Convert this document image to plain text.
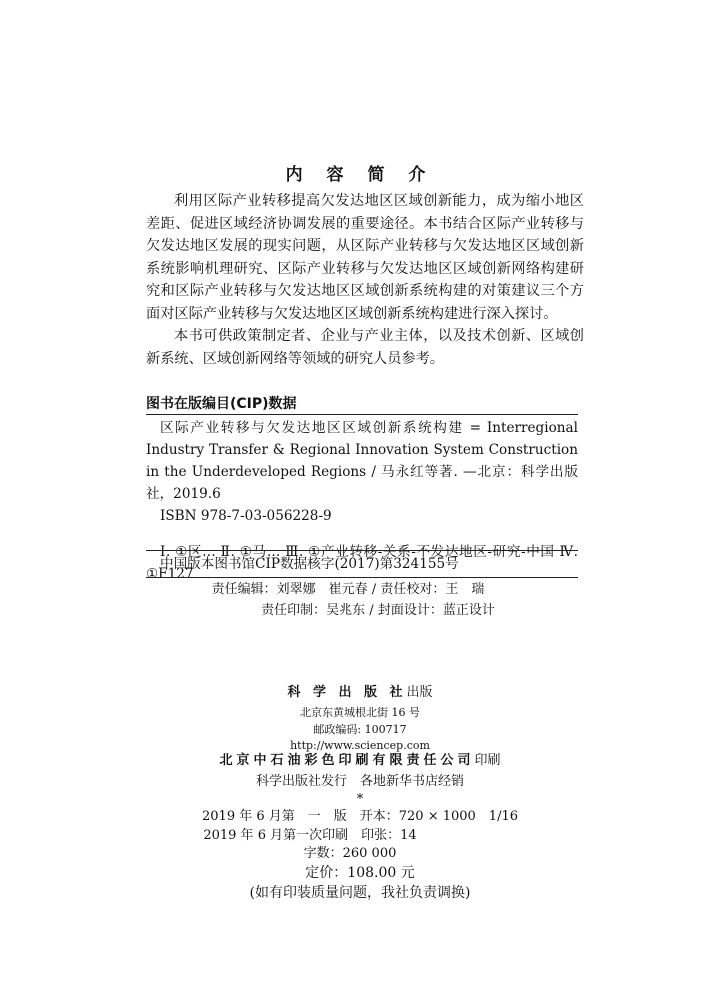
内 容 简 介

利用区际产业转移提高欠发达地区区域创新能力，成为缩小地区差距、促进区域经济协调发展的重要途径。本书结合区际产业转移与欠发达地区发展的现实问题，从区际产业转移与欠发达地区区域创新系统影响机理研究、区际产业转移与欠发达地区区域创新网络构建研究和区际产业转移与欠发达地区区域创新系统构建的对策建议三个方面对区际产业转移与欠发达地区区域创新系统构建进行深入探讨。

本书可供政策制定者、企业与产业主体，以及技术创新、区域创新系统、区域创新网络等领域的研究人员参考。

图书在版编目(CIP)数据

区际产业转移与欠发达地区区域创新系统构建 = Interregional Industry Transfer & Regional Innovation System Construction in the Underdeveloped Regions / 马永红等著. —北京：科学出版社，2019.6

ISBN 978-7-03-056228-9

Ⅰ. ①区… Ⅱ. ①马… Ⅲ. ①产业转移-关系-不发达地区-研究-中国 Ⅳ. ①F127

中国版本图书馆CIP数据核字(2017)第324155号

责任编辑：刘翠娜　崔元春 / 责任校对：王　瑞
责任印制：吴兆东 / 封面设计：蓝正设计
科 学 出 版 社出版
北京东黄城根北街 16 号
邮政编码: 100717
http://www.sciencep.com
北京中石油彩色印刷有限责任公司印刷
科学出版社发行　各地新华书店经销
*
2019 年 6 月第　一　版　开本：720 × 1000　1/16
2019 年 6 月第一次印刷　印张：14
字数：260 000
定价：108.00 元
(如有印装质量问题，我社负责调换)
